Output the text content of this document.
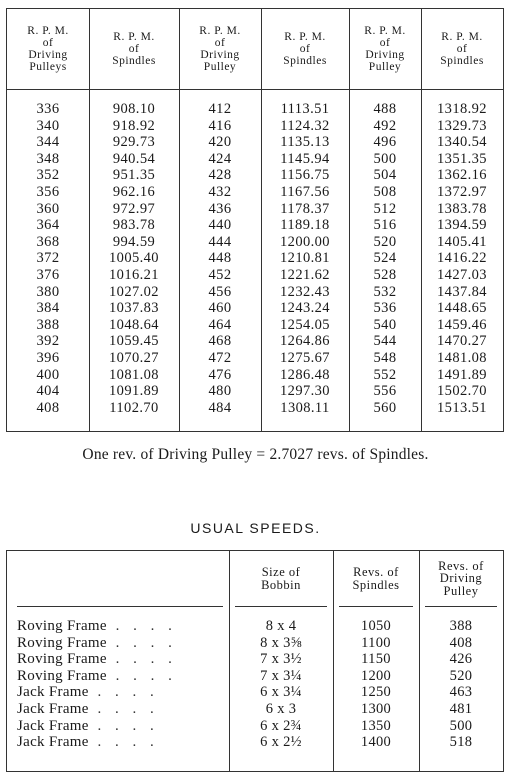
R. P. M.
of
Driving
Pulleys
336
340
344
348
352
356
360
364
368
372
376
380
384
388
392
396
400
404
408
R. P. M.
of
Spindles
908.10
918.92
929.73
940.54
951.35
962.16
972.97
983.78
994.59
1005.40
1016.21
1027.02
1037.83
1048.64
1059.45
1070.27
1081.08
1091.89
1102.70
R. P. M.
of
Driving
Pulley
412
416
420
424
428
432
436
440
444
448
452
456
460
464
468
472
476
480
484
R. P. M.
of
Spindles
1113.51
1124.32
1135.13
1145.94
1156.75
1167.56
1178.37
1189.18
1200.00
1210.81
1221.62
1232.43
1243.24
1254.05
1264.86
1275.67
1286.48
1297.30
1308.11
R. P. M.
of
Driving
Pulley
488
492
496
500
504
508
512
516
520
524
528
532
536
540
544
548
552
556
560
R. P. M.
of
Spindles
1318.92
1329.73
1340.54
1351.35
1362.16
1372.97
1383.78
1394.59
1405.41
1416.22
1427.03
1437.84
1448.65
1459.46
1470.27
1481.08
1491.89
1502.70
1513.51
One rev. of Driving Pulley = 2.7027 revs. of Spindles.
USUAL SPEEDS.
Roving Frame . . . .
Roving Frame . . . .
Roving Frame . . . .
Roving Frame . . . .
Jack Frame . . . .
Jack Frame . . . .
Jack Frame . . . .
Jack Frame . . . .
Size of
Bobbin
8 x 4
8 x 3⅝
7 x 3½
7 x 3¼
6 x 3¼
6 x 3
6 x 2¾
6 x 2½
Revs. of
Spindles
1050
1100
1150
1200
1250
1300
1350
1400
Revs. of
Driving
Pulley
388
408
426
520
463
481
500
518
